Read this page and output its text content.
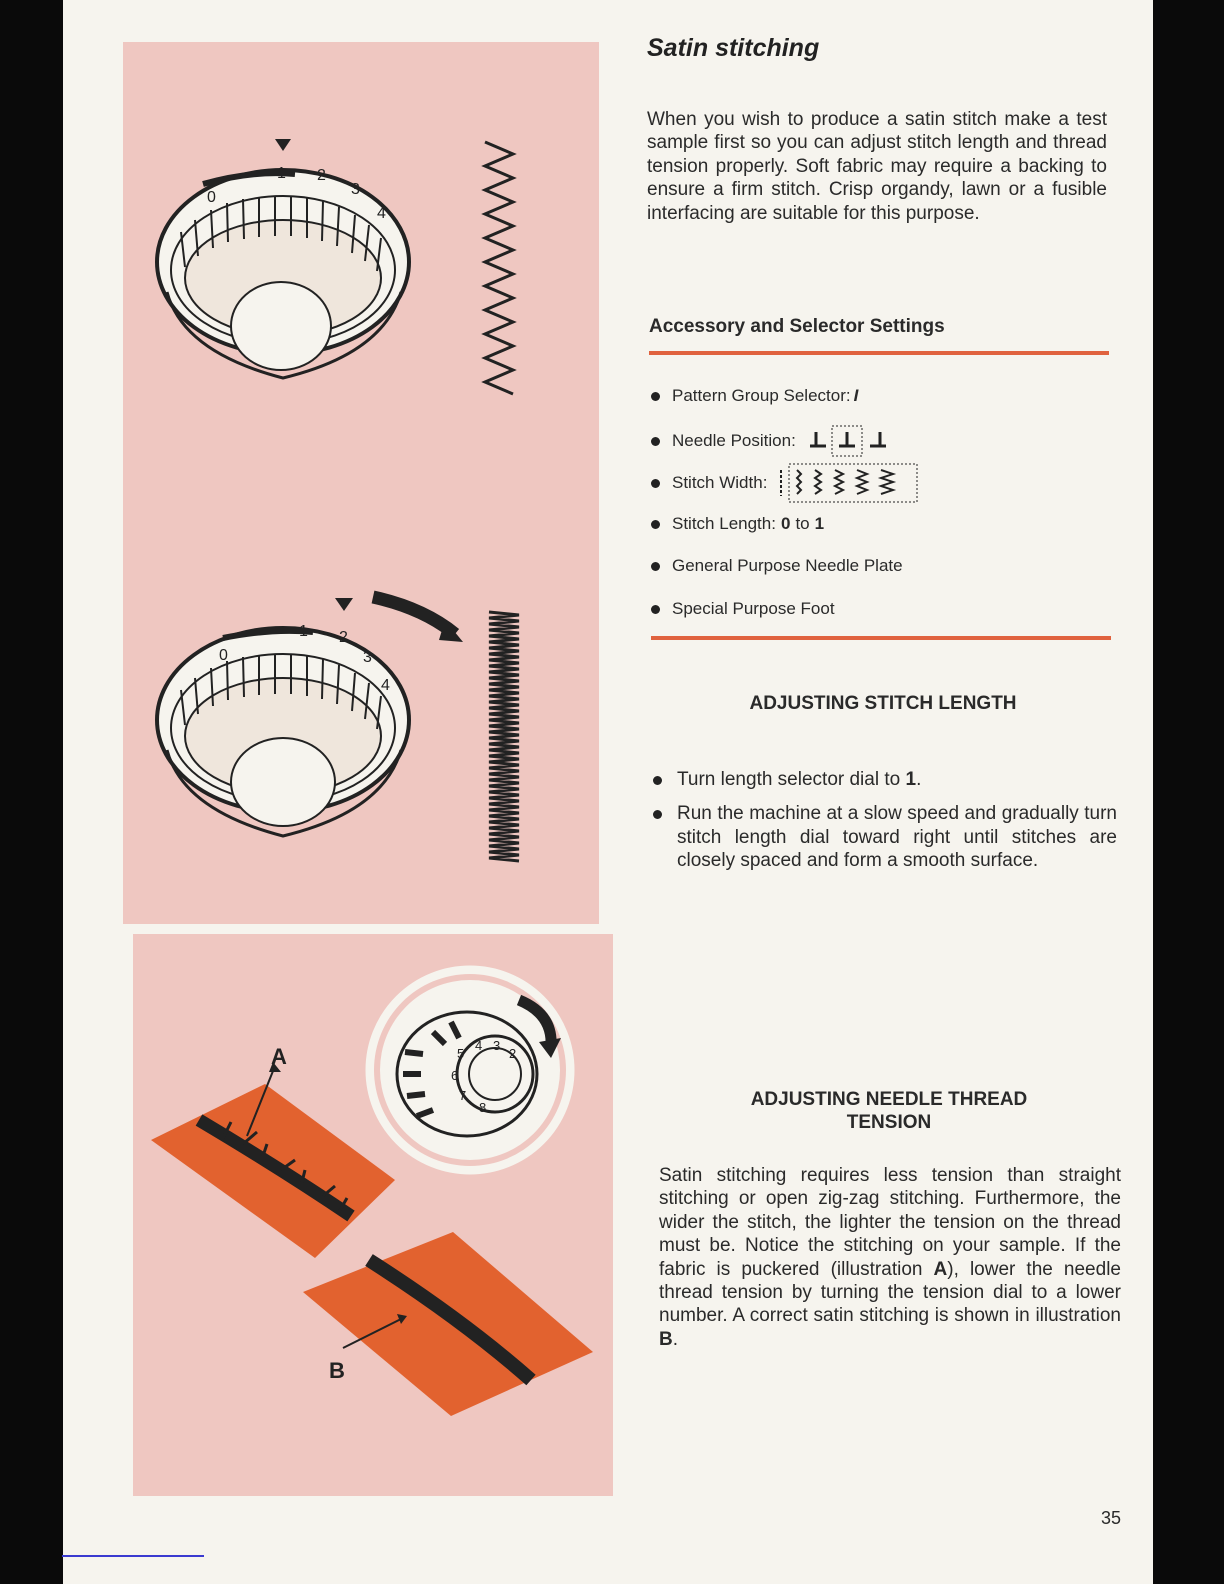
0
1 2
3
4
0
1 2
3
4
2
3
4
5
6
7
8
A
B
Satin stitching

When you wish to produce a satin stitch make a test sample first so you can adjust stitch length and thread tension properly. Soft fabric may require a backing to ensure a firm stitch. Crisp organdy, lawn or a fusible interfacing are suitable for this purpose.

Accessory and Selector Settings
Pattern Group Selector: I
Needle Position:
Stitch Width:
Stitch Length: 0 to 1
General Purpose Needle Plate
Special Purpose Foot
ADJUSTING STITCH LENGTH
Turn length selector dial to 1.
Run the machine at a slow speed and gradually turn stitch length dial toward right until stitches are closely spaced and form a smooth surface.
ADJUSTING NEEDLE THREAD
TENSION

Satin stitching requires less tension than straight stitching or open zig-zag stitching. Furthermore, the wider the stitch, the lighter the tension on the thread must be. Notice the stitching on your sample. If the fabric is puckered (illustration A), lower the needle thread tension by turning the tension dial to a lower number. A correct satin stitching is shown in illustration B.

35
